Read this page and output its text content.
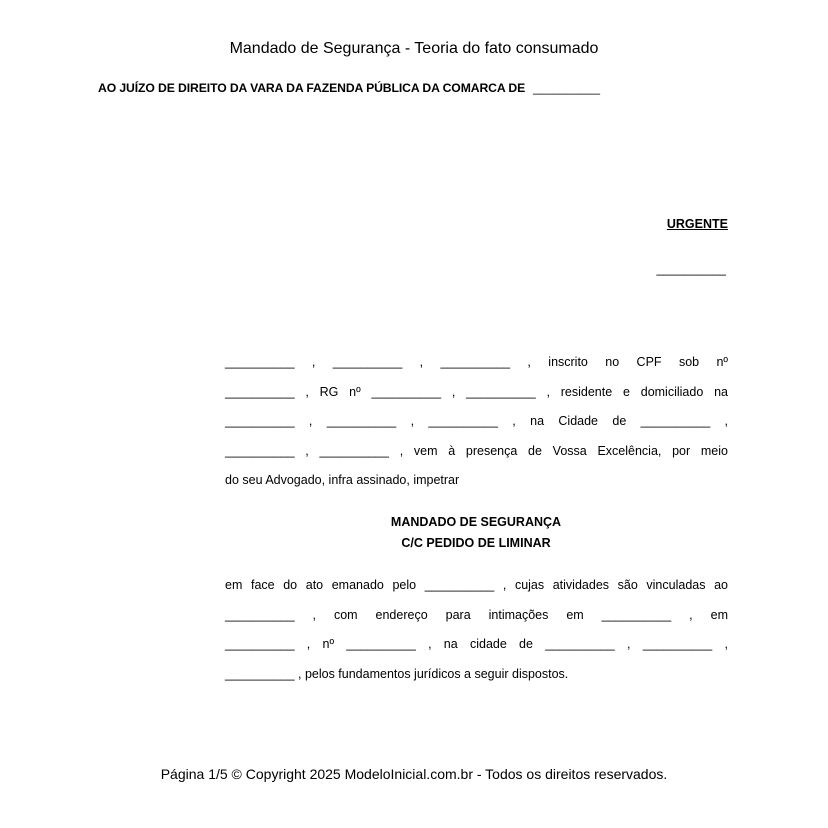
Mandado de Segurança - Teoria do fato consumado
AO JUÍZO DE DIREITO DA VARA DA FAZENDA PÚBLICA DA COMARCA DE __________
URGENTE
__________
__________ , __________ , __________ , inscrito no CPF sob nº
__________ , RG nº __________ , __________ , residente e domiciliado na
__________ , __________ , __________ , na Cidade de __________ ,
__________ , __________ , vem à presença de Vossa Excelência, por meio
do seu Advogado, infra assinado, impetrar
MANDADO DE SEGURANÇA
C/C PEDIDO DE LIMINAR
em face do ato emanado pelo __________ , cujas atividades são vinculadas ao
__________ , com endereço para intimações em __________ , em
__________ , nº __________ , na cidade de __________ , __________ ,
__________ , pelos fundamentos jurídicos a seguir dispostos.
Página 1/5 © Copyright 2025 ModeloInicial.com.br - Todos os direitos reservados.
